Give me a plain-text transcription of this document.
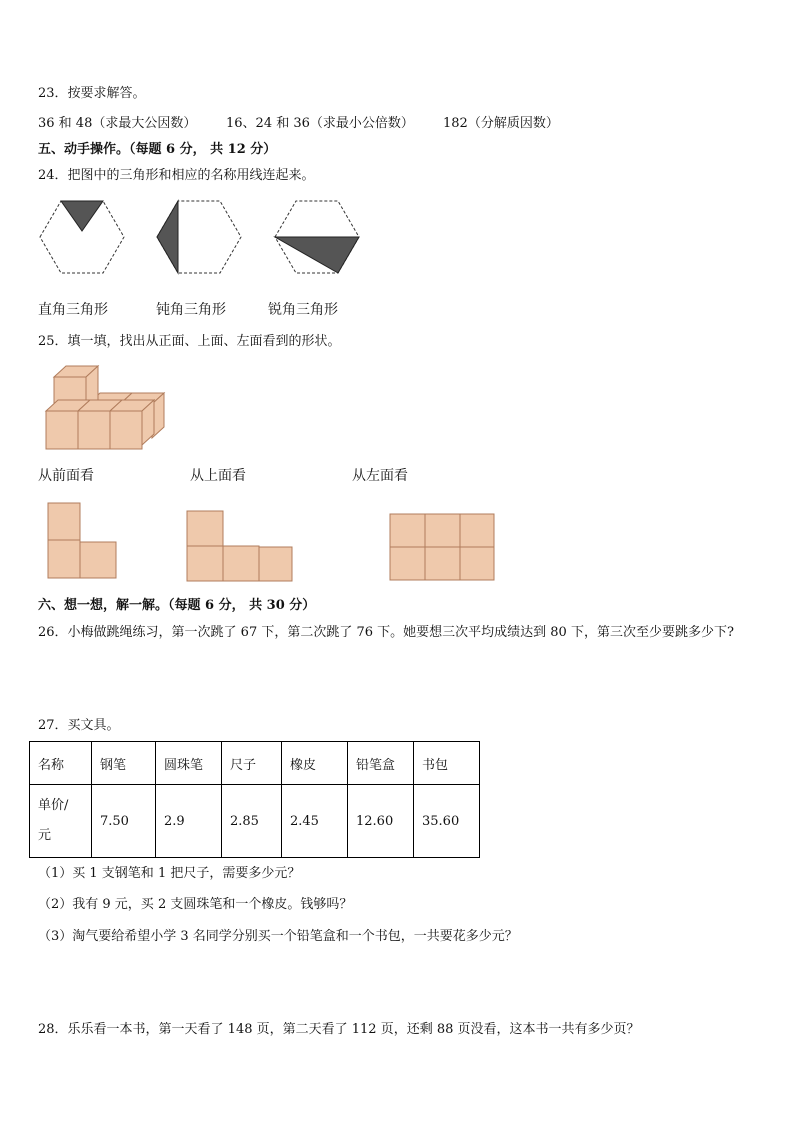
23．按要求解答。
36 和 48（求最大公因数） 16、24 和 36（求最小公倍数） 182（分解质因数）
五、动手操作。（每题 6 分， 共 12 分）
24．把图中的三角形和相应的名称用线连起来。
直角三角形	钝角三角形	锐角三角形
25．填一填，找出从正面、上面、左面看到的形状。
从前面看	从上面看	从左面看
六、想一想，解一解。（每题 6 分， 共 30 分）
26．小梅做跳绳练习，第一次跳了 67 下，第二次跳了 76 下。她要想三次平均成绩达到 80 下，第三次至少要跳多少下?
27．买文具。
名称	钢笔	圆珠笔	尺子	橡皮	铅笔盒	书包

单价/
元	7.50	2.9	2.85	2.45	12.60	35.60
（1）买 1 支钢笔和 1 把尺子，需要多少元？
（2）我有 9 元，买 2 支圆珠笔和一个橡皮。钱够吗？
（3）淘气要给希望小学 3 名同学分别买一个铅笔盒和一个书包，一共要花多少元？
28．乐乐看一本书，第一天看了 148 页，第二天看了 112 页，还剩 88 页没看，这本书一共有多少页？
